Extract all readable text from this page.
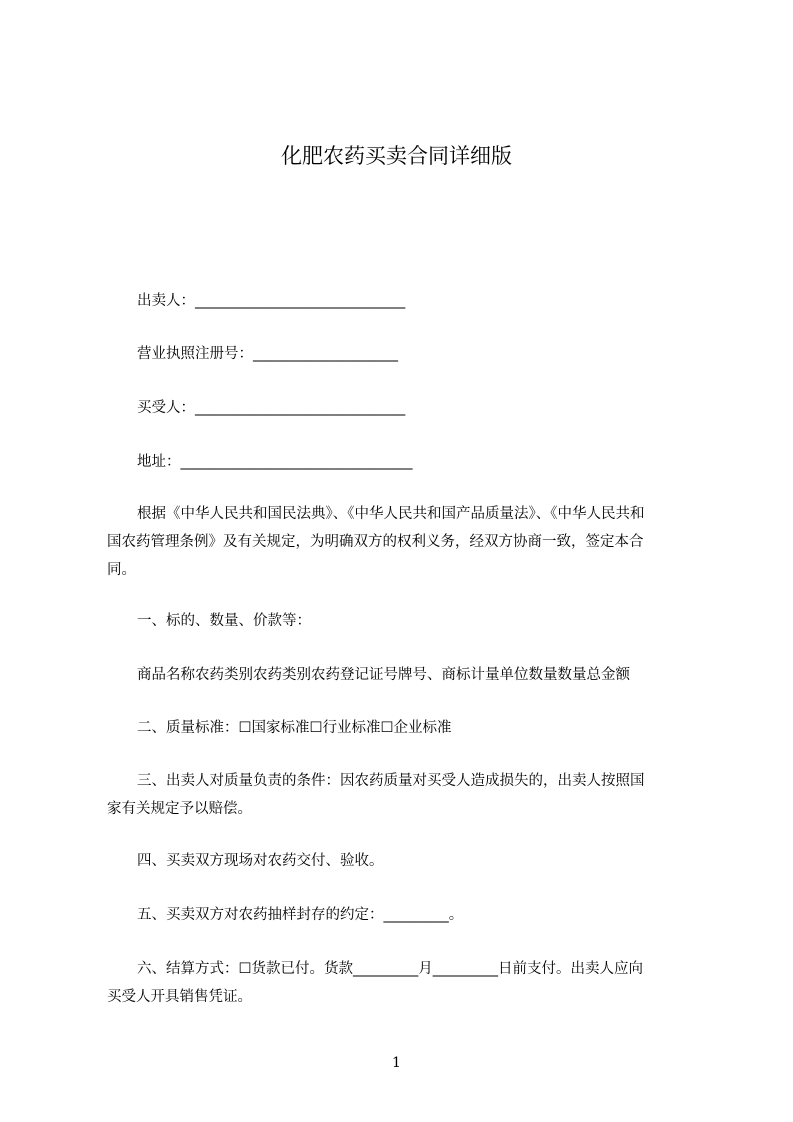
化肥农药买卖合同详细版
出卖人：_____________________________
营业执照注册号：____________________
买受人：_____________________________
地址：________________________________
根据《中华人民共和国民法典》、《中华人民共和国产品质量法》、《中华人民共和
国农药管理条例》及有关规定，为明确双方的权利义务，经双方协商一致，签定本合
同。
一、标的、数量、价款等：
商品名称农药类别农药类别农药登记证号牌号、商标计量单位数量数量总金额
二、质量标准：☐国家标准☐行业标准☐企业标准
三、出卖人对质量负责的条件：因农药质量对买受人造成损失的，出卖人按照国
家有关规定予以赔偿。
四、买卖双方现场对农药交付、验收。
五、买卖双方对农药抽样封存的约定：_________。
六、结算方式：☐货款已付。货款_________月_________日前支付。出卖人应向
买受人开具销售凭证。
1
